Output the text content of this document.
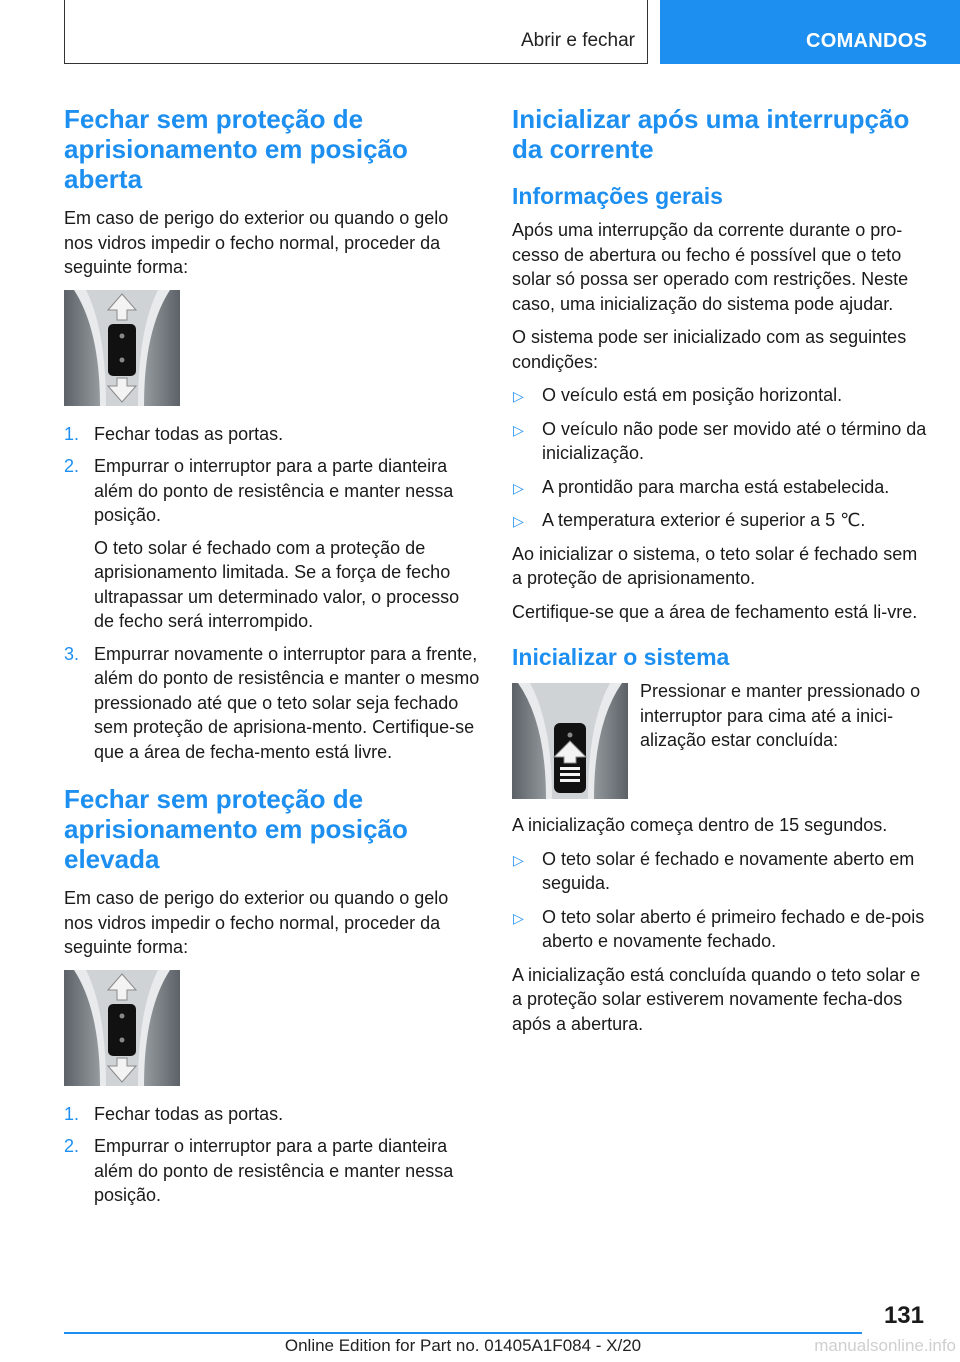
Abrir e fechar	COMANDOS
Fechar sem proteção de aprisionamento em posição aberta

Em caso de perigo do exterior ou quando o gelo nos vidros impedir o fecho normal, proceder da seguinte forma:

1. Fechar todas as portas.

2. Empurrar o interruptor para a parte dianteira além do ponto de resistência e manter nessa posição.

O teto solar é fechado com a proteção de aprisionamento limitada. Se a força de fecho ultrapassar um determinado valor, o processo de fecho será interrompido.

3. Empurrar novamente o interruptor para a frente, além do ponto de resistência e manter o mesmo pressionado até que o teto solar seja fechado sem proteção de aprisiona‐mento. Certifique-se que a área de fecha‐mento está livre.

Fechar sem proteção de aprisionamento em posição elevada

Em caso de perigo do exterior ou quando o gelo nos vidros impedir o fecho normal, proceder da seguinte forma:

1. Fechar todas as portas.

2. Empurrar o interruptor para a parte dianteira além do ponto de resistência e manter nessa posição.

Inicializar após uma interrupção da corrente
Informações gerais

Após uma interrupção da corrente durante o pro‐cesso de abertura ou fecho é possível que o teto solar só possa ser operado com restrições. Neste caso, uma inicialização do sistema pode ajudar.

O sistema pode ser inicializado com as seguintes condições:

▷ O veículo está em posição horizontal.
▷ O veículo não pode ser movido até o término da inicialização.
▷ A prontidão para marcha está estabelecida.
▷ A temperatura exterior é superior a 5 ℃.

Ao inicializar o sistema, o teto solar é fechado sem a proteção de aprisionamento.

Certifique-se que a área de fechamento está li‐vre.

Inicializar o sistema

Pressionar e manter pressionado o interruptor para cima até a inici‐alização estar concluída:

A inicialização começa dentro de 15 segundos.

▷ O teto solar é fechado e novamente aberto em seguida.
▷ O teto solar aberto é primeiro fechado e de‐pois aberto e novamente fechado.

A inicialização está concluída quando o teto solar e a proteção solar estiverem novamente fecha‐dos após a abertura.

131
Online Edition for Part no. 01405A1F084 - X/20	manualsonline.info
